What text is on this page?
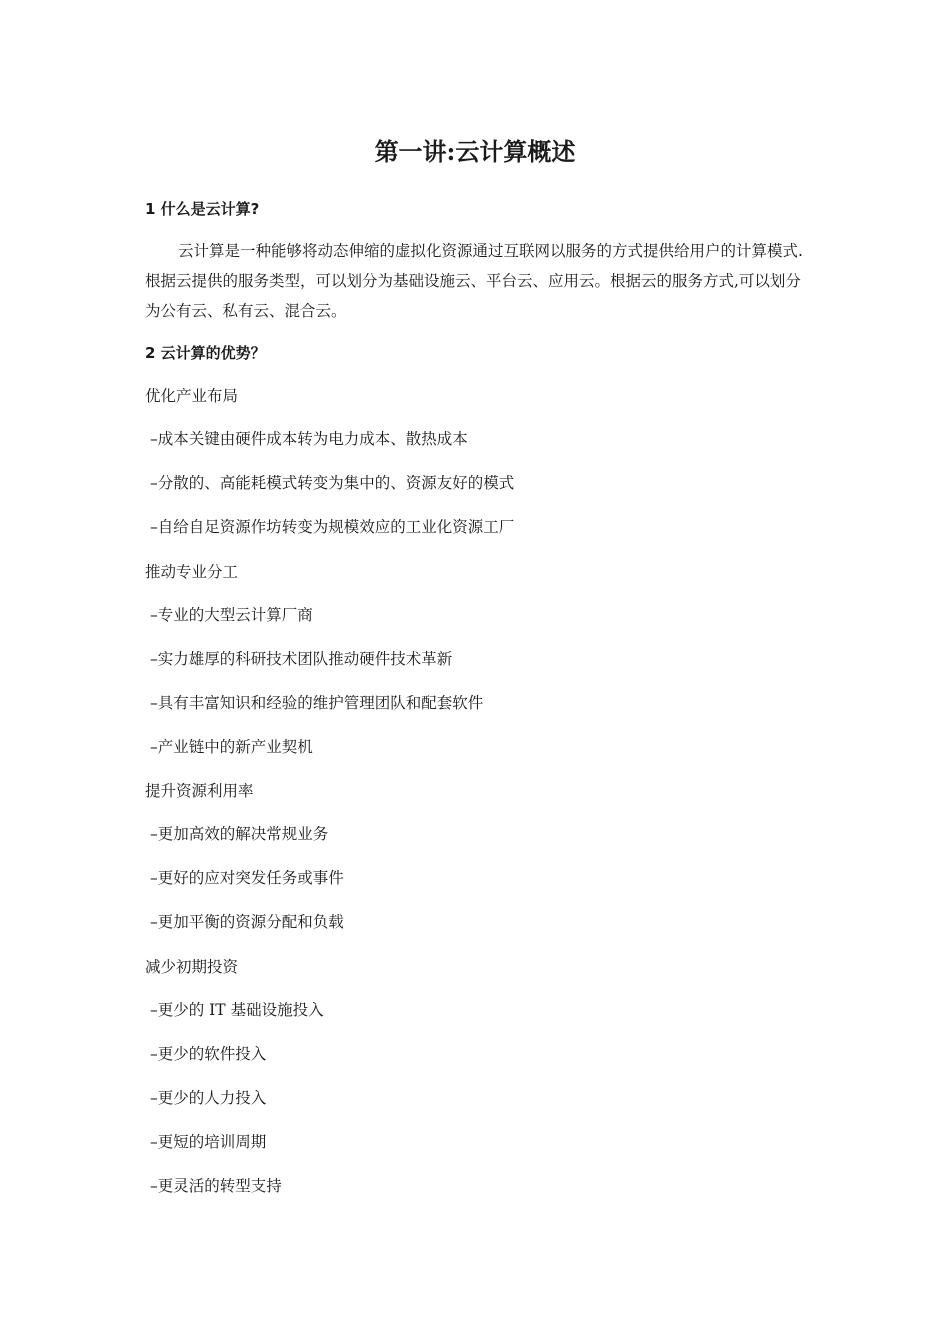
第一讲:云计算概述
1 什么是云计算?
云计算是一种能够将动态伸缩的虚拟化资源通过互联网以服务的方式提供给用户的计算模式.根据云提供的服务类型，可以划分为基础设施云、平台云、应用云。根据云的服务方式,可以划分为公有云、私有云、混合云。
2 云计算的优势？
优化产业布局
–成本关键由硬件成本转为电力成本、散热成本
–分散的、高能耗模式转变为集中的、资源友好的模式
–自给自足资源作坊转变为规模效应的工业化资源工厂
推动专业分工
–专业的大型云计算厂商
–实力雄厚的科研技术团队推动硬件技术革新
–具有丰富知识和经验的维护管理团队和配套软件
–产业链中的新产业契机
提升资源利用率
–更加高效的解决常规业务
–更好的应对突发任务或事件
–更加平衡的资源分配和负载
减少初期投资
–更少的 IT 基础设施投入
–更少的软件投入
–更少的人力投入
–更短的培训周期
–更灵活的转型支持
